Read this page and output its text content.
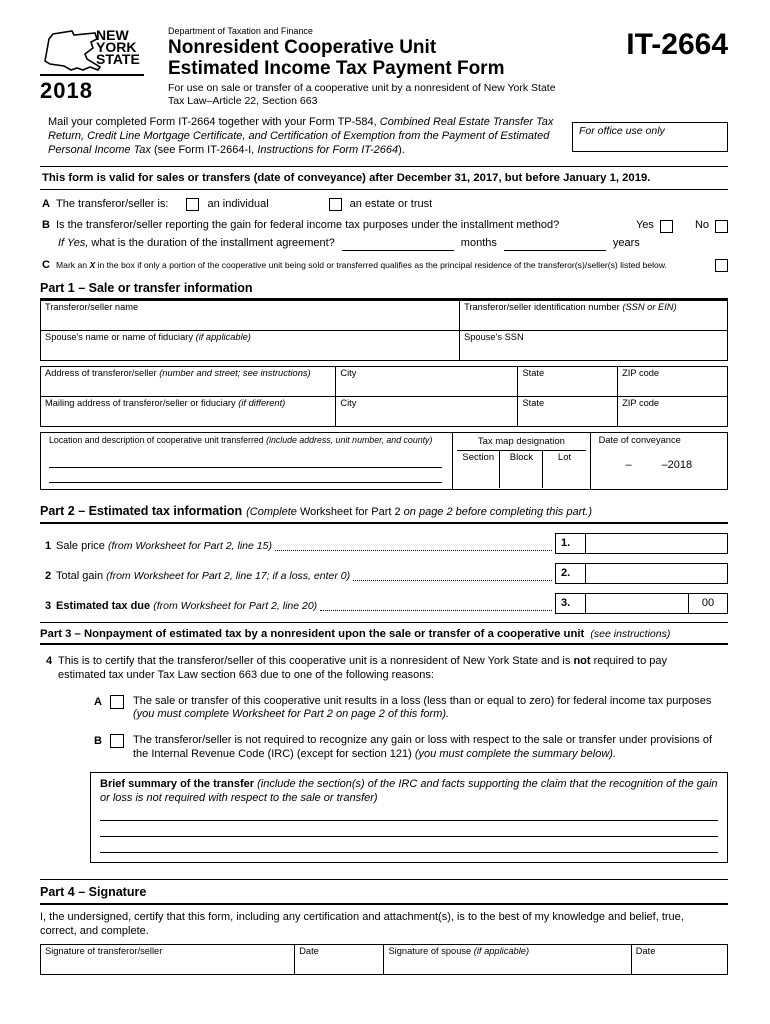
NEW
YORK
STATE
2018
Department of Taxation and Finance
Nonresident Cooperative Unit
Estimated Income Tax Payment Form
For use on sale or transfer of a cooperative unit by a nonresident of New York State
Tax Law–Article 22, Section 663
IT-2664
Mail your completed Form IT-2664 together with your Form TP-584, Combined Real Estate Transfer Tax Return, Credit Line Mortgage Certificate, and Certification of Exemption from the Payment of Estimated Personal Income Tax (see Form IT-2664-I, Instructions for Form IT-2664).
For office use only
This form is valid for sales or transfers (date of conveyance) after December 31, 2017, but before January 1, 2019.
A The transferor/seller is:	an individual	an estate or trust
B Is the transferor/seller reporting the gain for federal income tax purposes under the installment method?	Yes	No
If Yes, what is the duration of the installment agreement?	months	years
C Mark an X in the box if only a portion of the cooperative unit being sold or transferred qualifies as the principal residence of the transferor(s)/seller(s) listed below.
Part 1 – Sale or transfer information
Transferor/seller name	Transferor/seller identification number (SSN or EIN)

Spouse's name or name of fiduciary (if applicable)	Spouse's SSN
Address of transferor/seller (number and street; see instructions)	City	State	ZIP code

Mailing address of transferor/seller or fiduciary (if different)	City	State	ZIP code
Location and description of cooperative unit transferred (include address, unit number, and county)	Tax map designation
Section	Block	Lot

Date of conveyance
–	–2018
Part 2 – Estimated tax information (Complete Worksheet for Part 2 on page 2 before completing this part.)
1 Sale price (from Worksheet for Part 2, line 15)	1.
2 Total gain (from Worksheet for Part 2, line 17; if a loss, enter 0)	2.
3 Estimated tax due (from Worksheet for Part 2, line 20)	3.	00
Part 3 – Nonpayment of estimated tax by a nonresident upon the sale or transfer of a cooperative unit (see instructions)
4 This is to certify that the transferor/seller of this cooperative unit is a nonresident of New York State and is not required to pay estimated tax under Tax Law section 663 due to one of the following reasons:
A	The sale or transfer of this cooperative unit results in a loss (less than or equal to zero) for federal income tax purposes (you must complete Worksheet for Part 2 on page 2 of this form).
B	The transferor/seller is not required to recognize any gain or loss with respect to the sale or transfer under provisions of the Internal Revenue Code (IRC) (except for section 121) (you must complete the summary below).
Brief summary of the transfer (include the section(s) of the IRC and facts supporting the claim that the recognition of the gain or loss is not required with respect to the sale or transfer)
Part 4 – Signature
I, the undersigned, certify that this form, including any certification and attachment(s), is to the best of my knowledge and belief, true, correct, and complete.
Signature of transferor/seller	Date	Signature of spouse (if applicable)	Date
